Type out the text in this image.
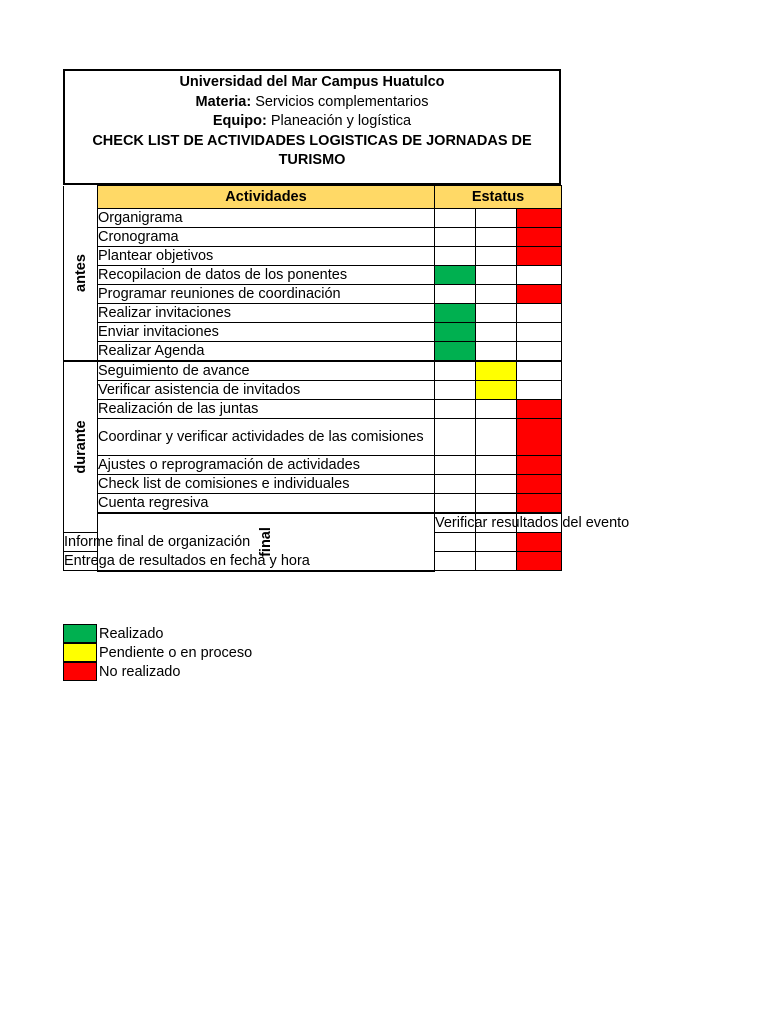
Universidad del Mar Campus Huatulco
Materia: Servicios complementarios
Equipo: Planeación y logística
CHECK LIST DE ACTIVIDADES LOGISTICAS DE JORNADAS DE TURISMO
antes	Actividades	Estatus			
	Organigrama				
	Cronograma				
	Plantear objetivos				
	Recopilacion de datos de los ponentes				
	Programar reuniones de coordinación				
	Realizar invitaciones				
	Enviar invitaciones				
	Realizar Agenda				

durante	Seguimiento de avance				
	Verificar asistencia de invitados				
	Realización de las juntas				
	Coordinar y verificar actividades de las comisiones				
	Ajustes o reprogramación de actividades				
	Check list de comisiones e individuales				
	Cuenta regresiva				

	final	Verificar resultados del evento			
Informe final de organización					
Entrega de resultados en fecha y hora					
Realizado
Pendiente o en proceso
No realizado
